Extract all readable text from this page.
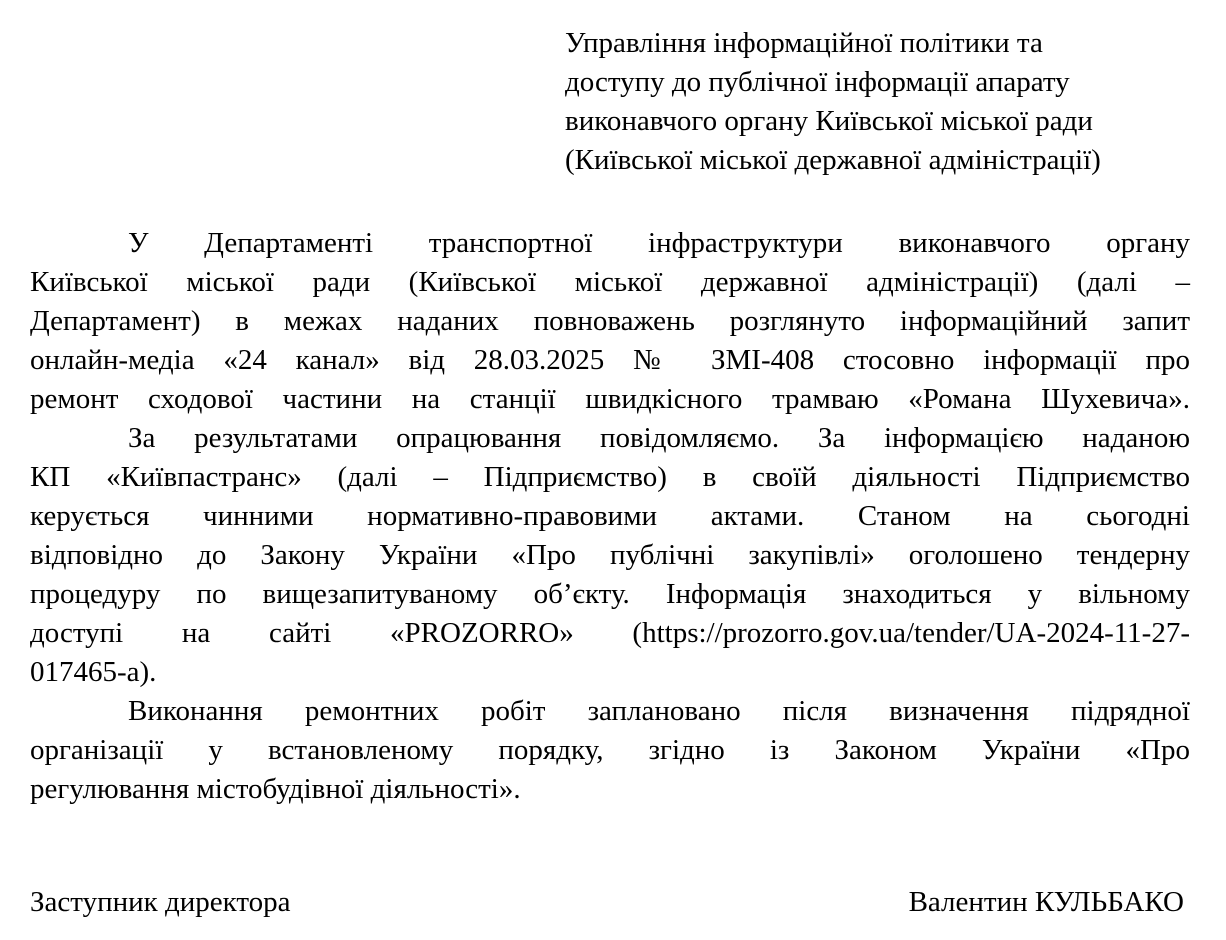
Управління інформаційної політики та
доступу до публічної інформації апарату
виконавчого органу Київської міської ради
(Київської міської державної адміністрації)
У Департаменті транспортної інфраструктури виконавчого органу
Київської міської ради (Київської міської державної адміністрації) (далі –
Департамент) в межах наданих повноважень розглянуто інформаційний запит
онлайн-медіа «24 канал» від 28.03.2025 № ЗМІ-408 стосовно інформації про
ремонт сходової частини на станції швидкісного трамваю «Романа Шухевича».
За результатами опрацювання повідомляємо. За інформацією наданою
КП «Київпастранс» (далі – Підприємство) в своїй діяльності Підприємство
керується чинними нормативно-правовими актами. Станом на сьогодні
відповідно до Закону України «Про публічні закупівлі» оголошено тендерну
процедуру по вищезапитуваному об’єкту. Інформація знаходиться у вільному
доступі на сайті «PROZORRO» (https://prozorro.gov.ua/tender/UA-2024-11-27-
017465-a).
Виконання ремонтних робіт заплановано після визначення підрядної
організації у встановленому порядку, згідно із Законом України «Про
регулювання містобудівної діяльності».
Заступник директора	Валентин КУЛЬБАКО
